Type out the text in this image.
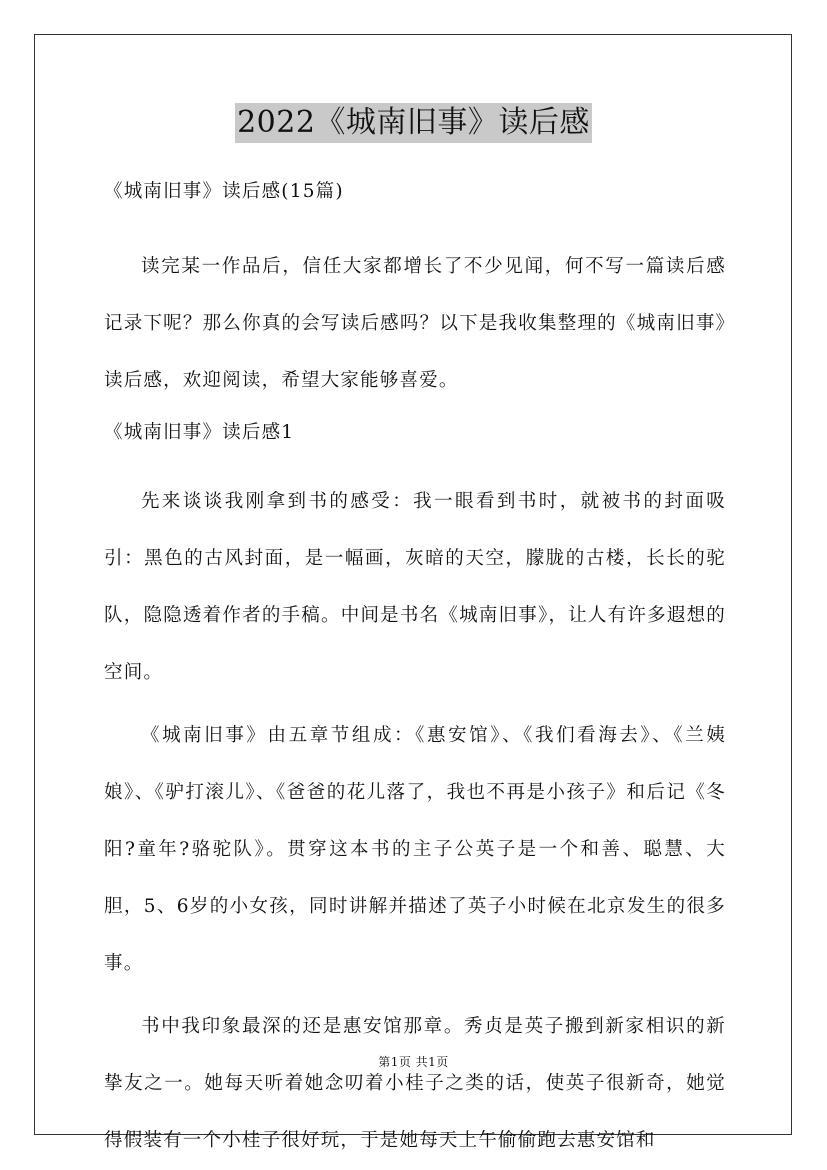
2022《城南旧事》读后感
《城南旧事》读后感(15篇)

读完某一作品后，信任大家都增长了不少见闻，何不写一篇读后感记录下呢？那么你真的会写读后感吗？以下是我收集整理的《城南旧事》读后感，欢迎阅读，希望大家能够喜爱。

《城南旧事》读后感1

先来谈谈我刚拿到书的感受：我一眼看到书时，就被书的封面吸引：黑色的古风封面，是一幅画，灰暗的天空，朦胧的古楼，长长的驼队，隐隐透着作者的手稿。中间是书名《城南旧事》，让人有许多遐想的空间。

《城南旧事》由五章节组成：《惠安馆》、《我们看海去》、《兰姨娘》、《驴打滚儿》、《爸爸的花儿落了，我也不再是小孩子》和后记《冬阳?童年?骆驼队》。贯穿这本书的主子公英子是一个和善、聪慧、大胆，5、6岁的小女孩，同时讲解并描述了英子小时候在北京发生的很多事。

书中我印象最深的还是惠安馆那章。秀贞是英子搬到新家相识的新挚友之一。她每天听着她念叨着小桂子之类的话，使英子很新奇，她觉得假装有一个小桂子很好玩，于是她每天上午偷偷跑去惠安馆和

第1页 共1页
